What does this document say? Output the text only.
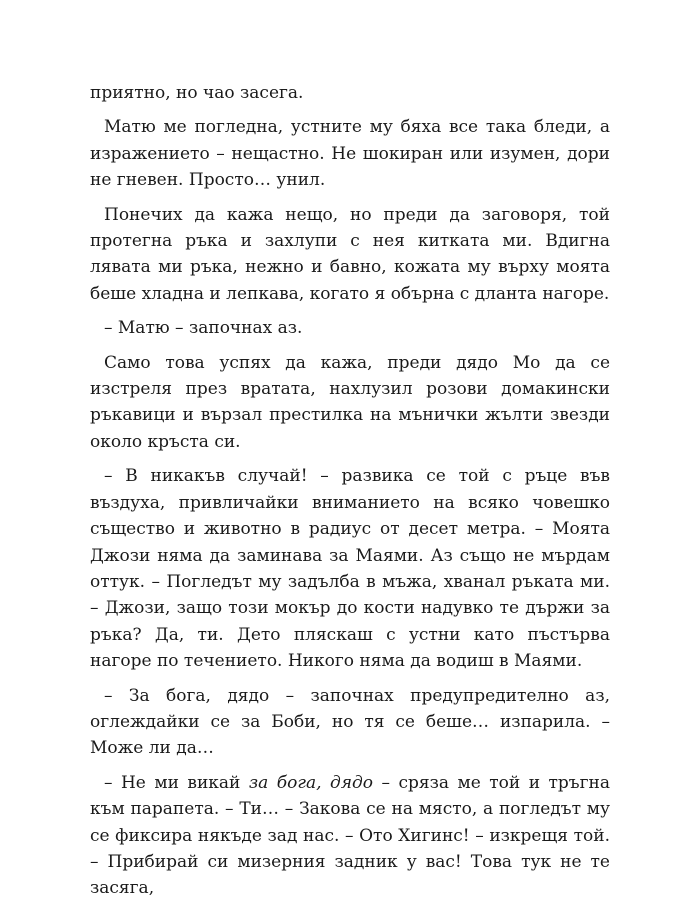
приятно, но чао засега.

Матю ме погледна, устните му бяха все така бледи, а изражението – нещастно. Не шокиран или изумен, дори не гневен. Просто… унил.

Понечих да кажа нещо, но преди да заговоря, той протегна ръка и захлупи с нея китката ми. Вдигна лявата ми ръка, нежно и бавно, кожата му върху моята беше хладна и лепкава, когато я обърна с дланта нагоре.

– Матю – започнах аз.

Само това успях да кажа, преди дядо Мо да се изстреля през вратата, нахлузил розови домакински ръкавици и вързал престилка на мънички жълти звезди около кръста си.

– В никакъв случай! – развика се той с ръце във въздуха, привличайки вниманието на всяко човешко същество и животно в радиус от десет метра. – Моята Джози няма да заминава за Маями. Аз също не мърдам оттук. – Погледът му задълба в мъжа, хванал ръката ми. – Джози, защо този мокър до кости надувко те държи за ръка? Да, ти. Дето пляскаш с устни като пъстърва нагоре по течението. Никого няма да водиш в Маями.

– За бога, дядо – започнах предупредително аз, оглеждайки се за Боби, но тя се беше… изпарила. – Може ли да…

– Не ми викай за бога, дядо – сряза ме той и тръгна към парапета. – Ти… – Закова се на място, а погледът му се фиксира някъде зад нас. – Ото Хигинс! – изкрещя той. – Прибирай си мизерния задник у вас! Това тук не те засяга,
